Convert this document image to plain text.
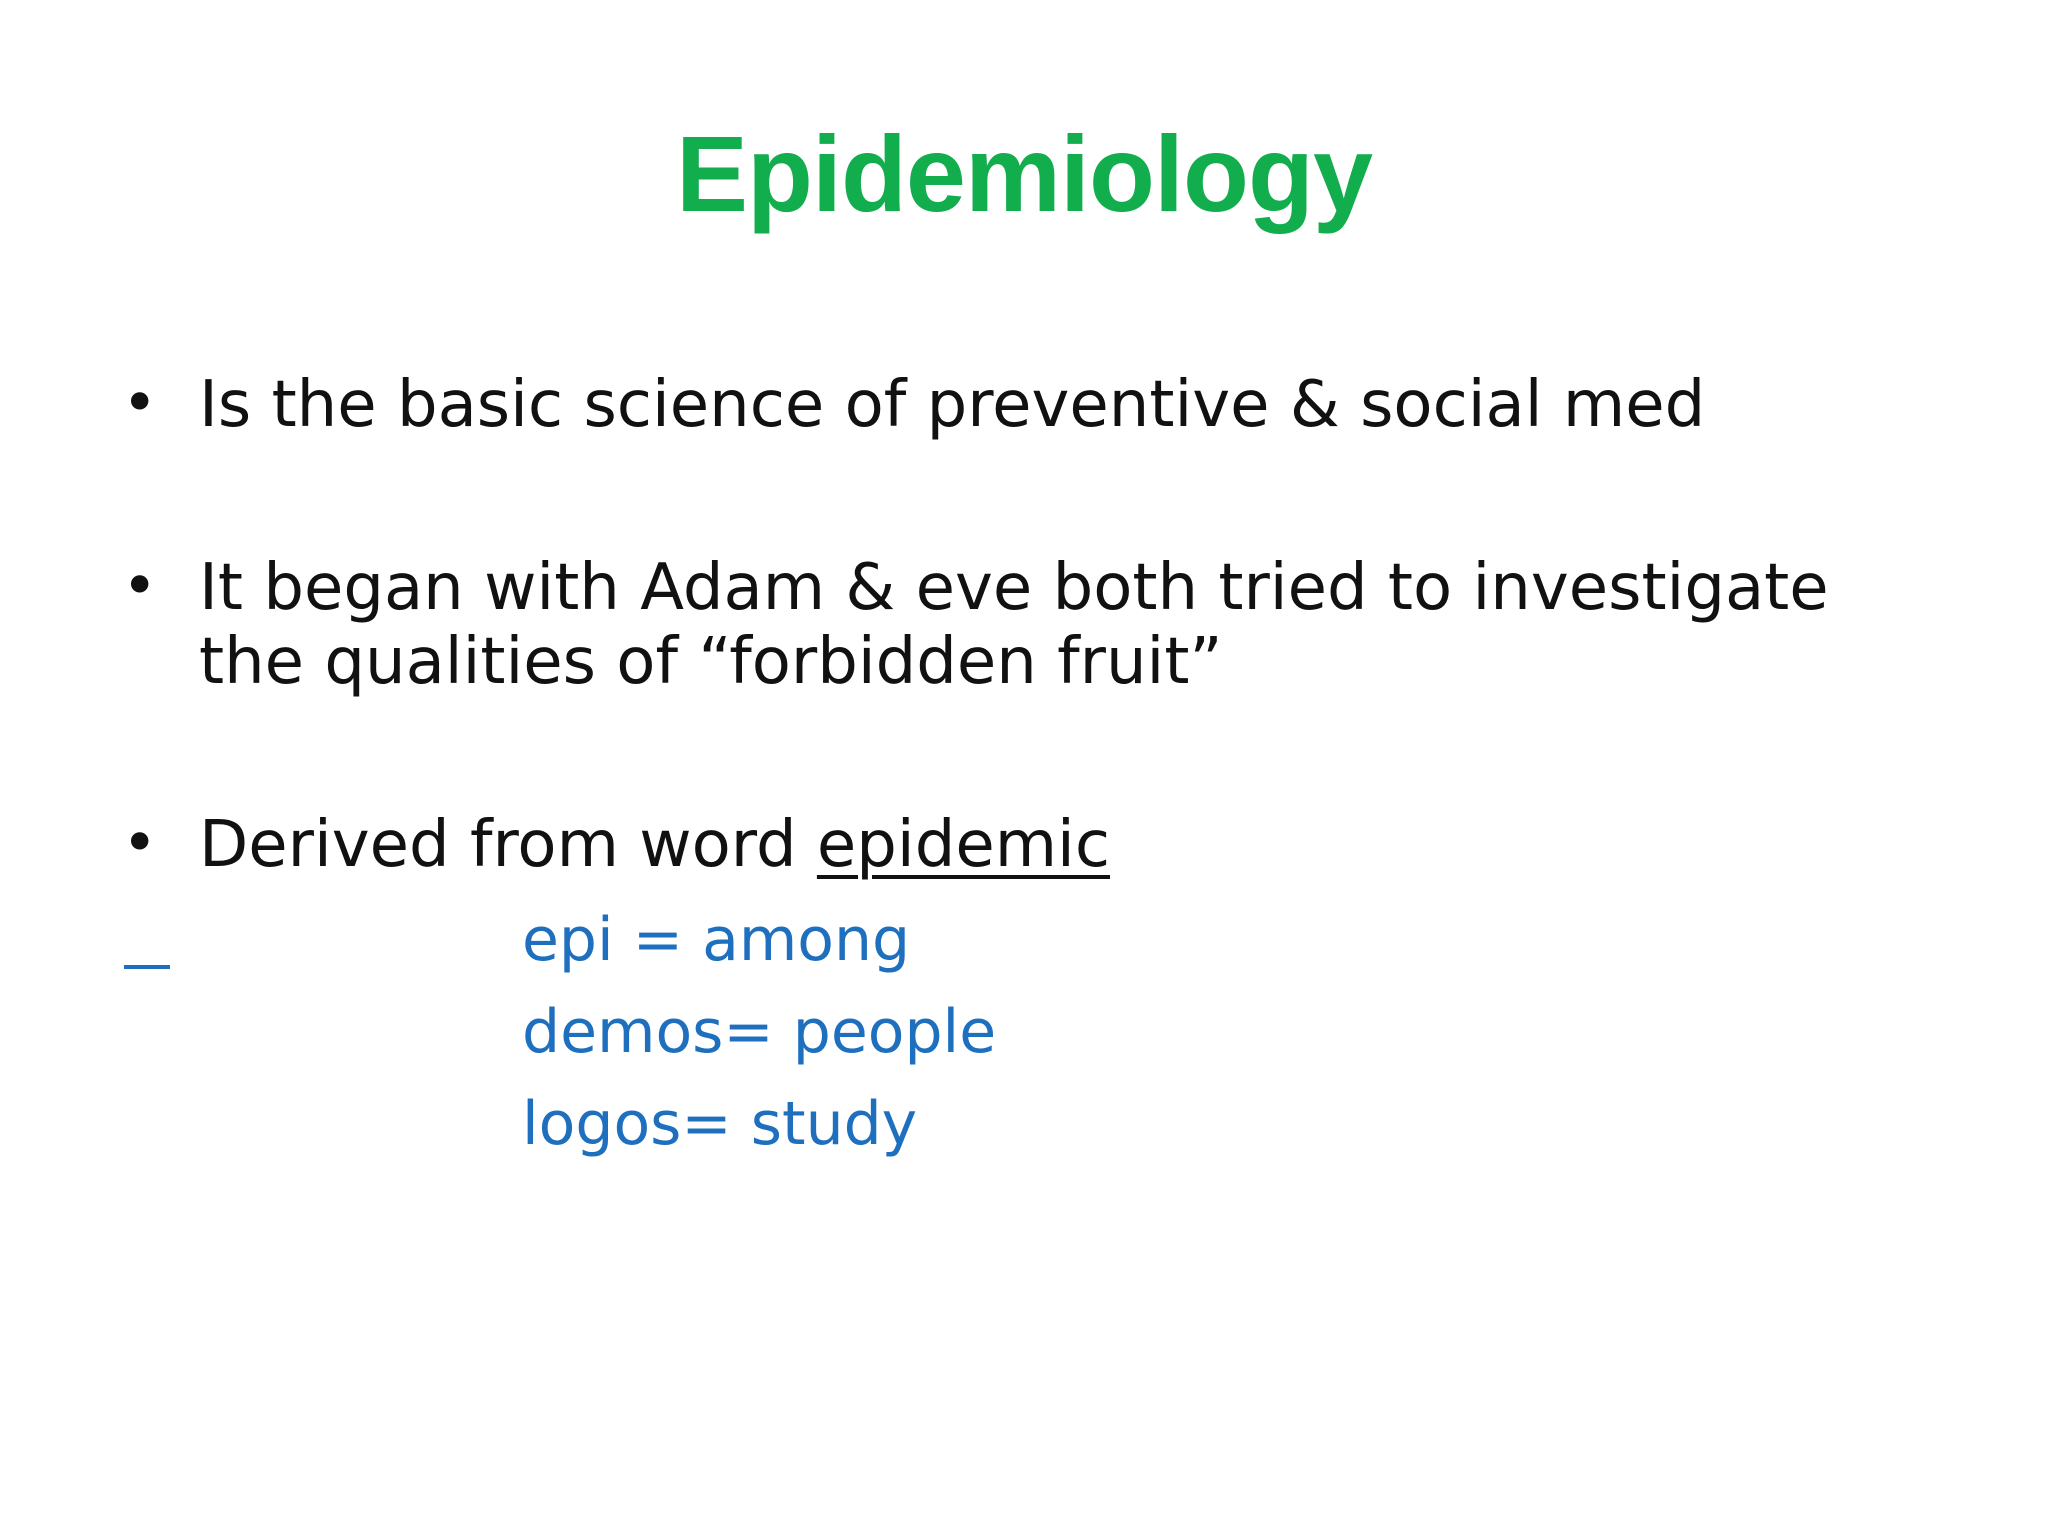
Epidemiology
• Is the basic science of preventive & social med
• It began with Adam & eve both tried to investigate
the qualities of “forbidden fruit”
• Derived from word epidemic
epi = among
demos= people
logos= study
